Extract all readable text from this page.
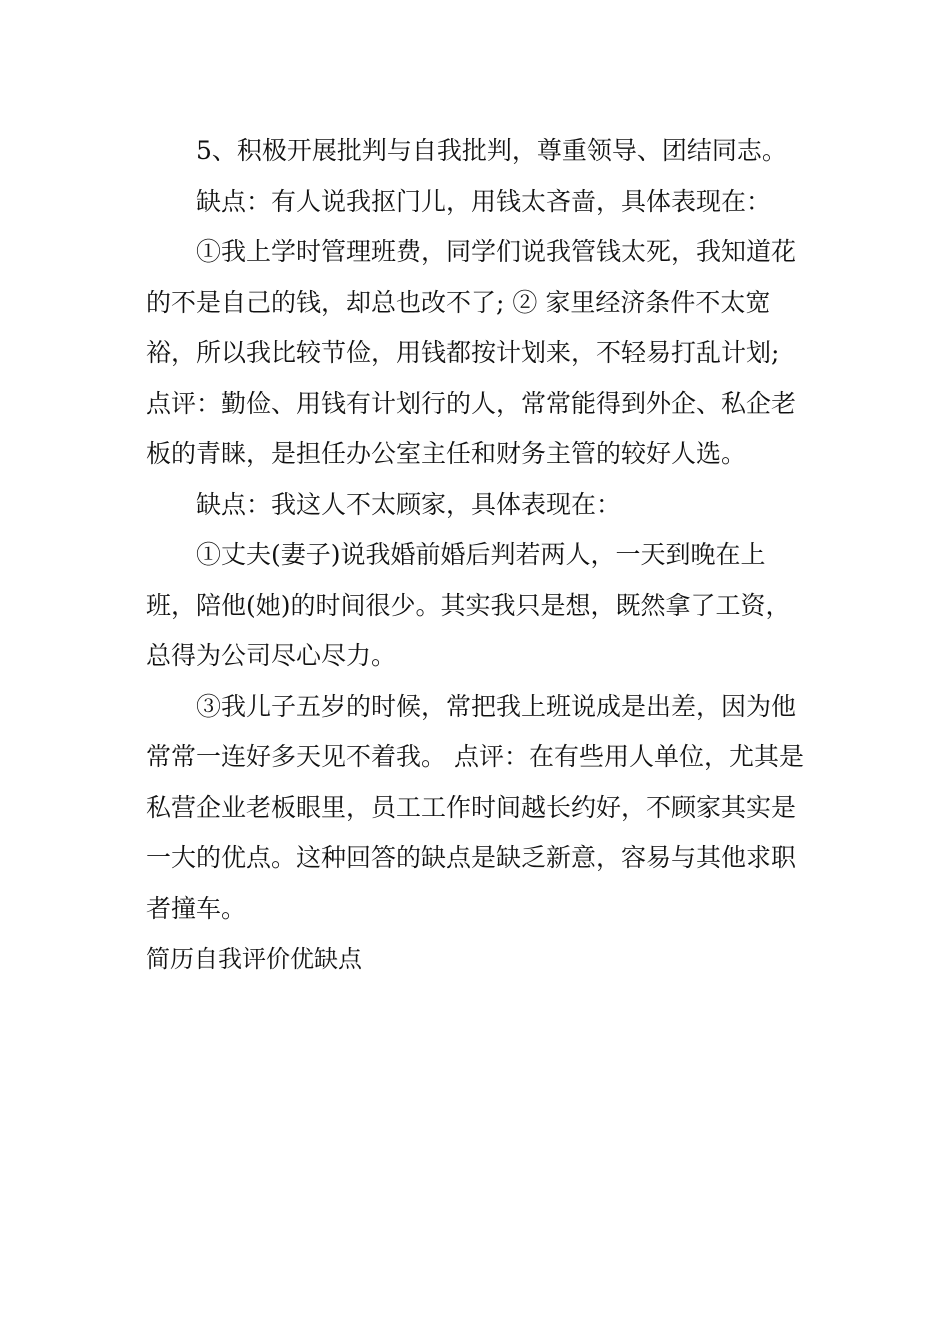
5、积极开展批判与自我批判，尊重领导、团结同志。

缺点：有人说我抠门儿，用钱太吝啬，具体表现在：

①我上学时管理班费，同学们说我管钱太死，我知道花的不是自己的钱，却总也改不了; ② 家里经济条件不太宽裕，所以我比较节俭，用钱都按计划来，不轻易打乱计划; 点评：勤俭、用钱有计划行的人，常常能得到外企、私企老板的青睐，是担任办公室主任和财务主管的较好人选。

缺点：我这人不太顾家，具体表现在：

①丈夫(妻子)说我婚前婚后判若两人，一天到晚在上班，陪他(她)的时间很少。其实我只是想，既然拿了工资，总得为公司尽心尽力。

③我儿子五岁的时候，常把我上班说成是出差，因为他常常一连好多天见不着我。 点评：在有些用人单位，尤其是私营企业老板眼里，员工工作时间越长约好，不顾家其实是一大的优点。这种回答的缺点是缺乏新意，容易与其他求职者撞车。

简历自我评价优缺点
